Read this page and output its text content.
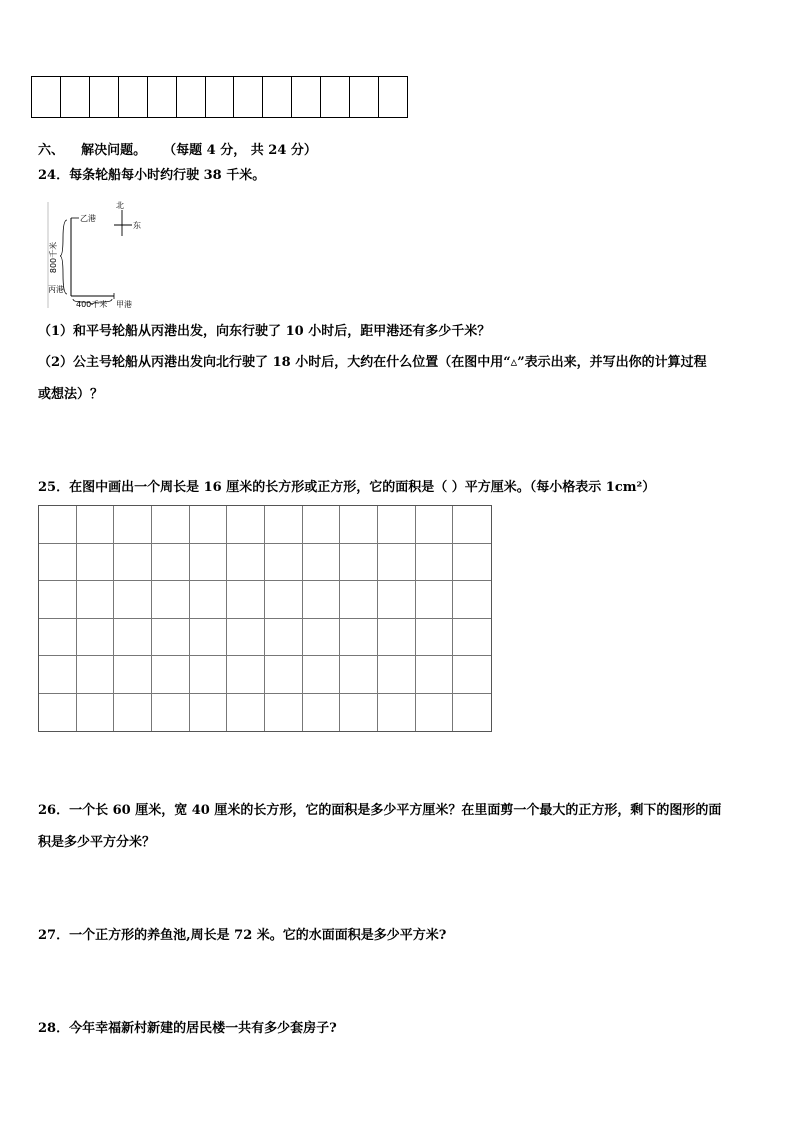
六、 解决问题。 （每题 4 分， 共 24 分）
24．每条轮船每小时约行驶 38 千米。
北
东
乙港
丙港
甲港
800千米
400千米
（1）和平号轮船从丙港出发，向东行驶了 10 小时后，距甲港还有多少千米？
（2）公主号轮船从丙港出发向北行驶了 18 小时后，大约在什么位置（在图中用“▵”表示出来，并写出你的计算过程
或想法）？
25．在图中画出一个周长是 16 厘米的长方形或正方形，它的面积是（ ）平方厘米。（每小格表示 1cm²）
26．一个长 60 厘米，宽 40 厘米的长方形，它的面积是多少平方厘米？在里面剪一个最大的正方形，剩下的图形的面
积是多少平方分米？
27．一个正方形的养鱼池,周长是 72 米。它的水面面积是多少平方米?
28．今年幸福新村新建的居民楼一共有多少套房子?
